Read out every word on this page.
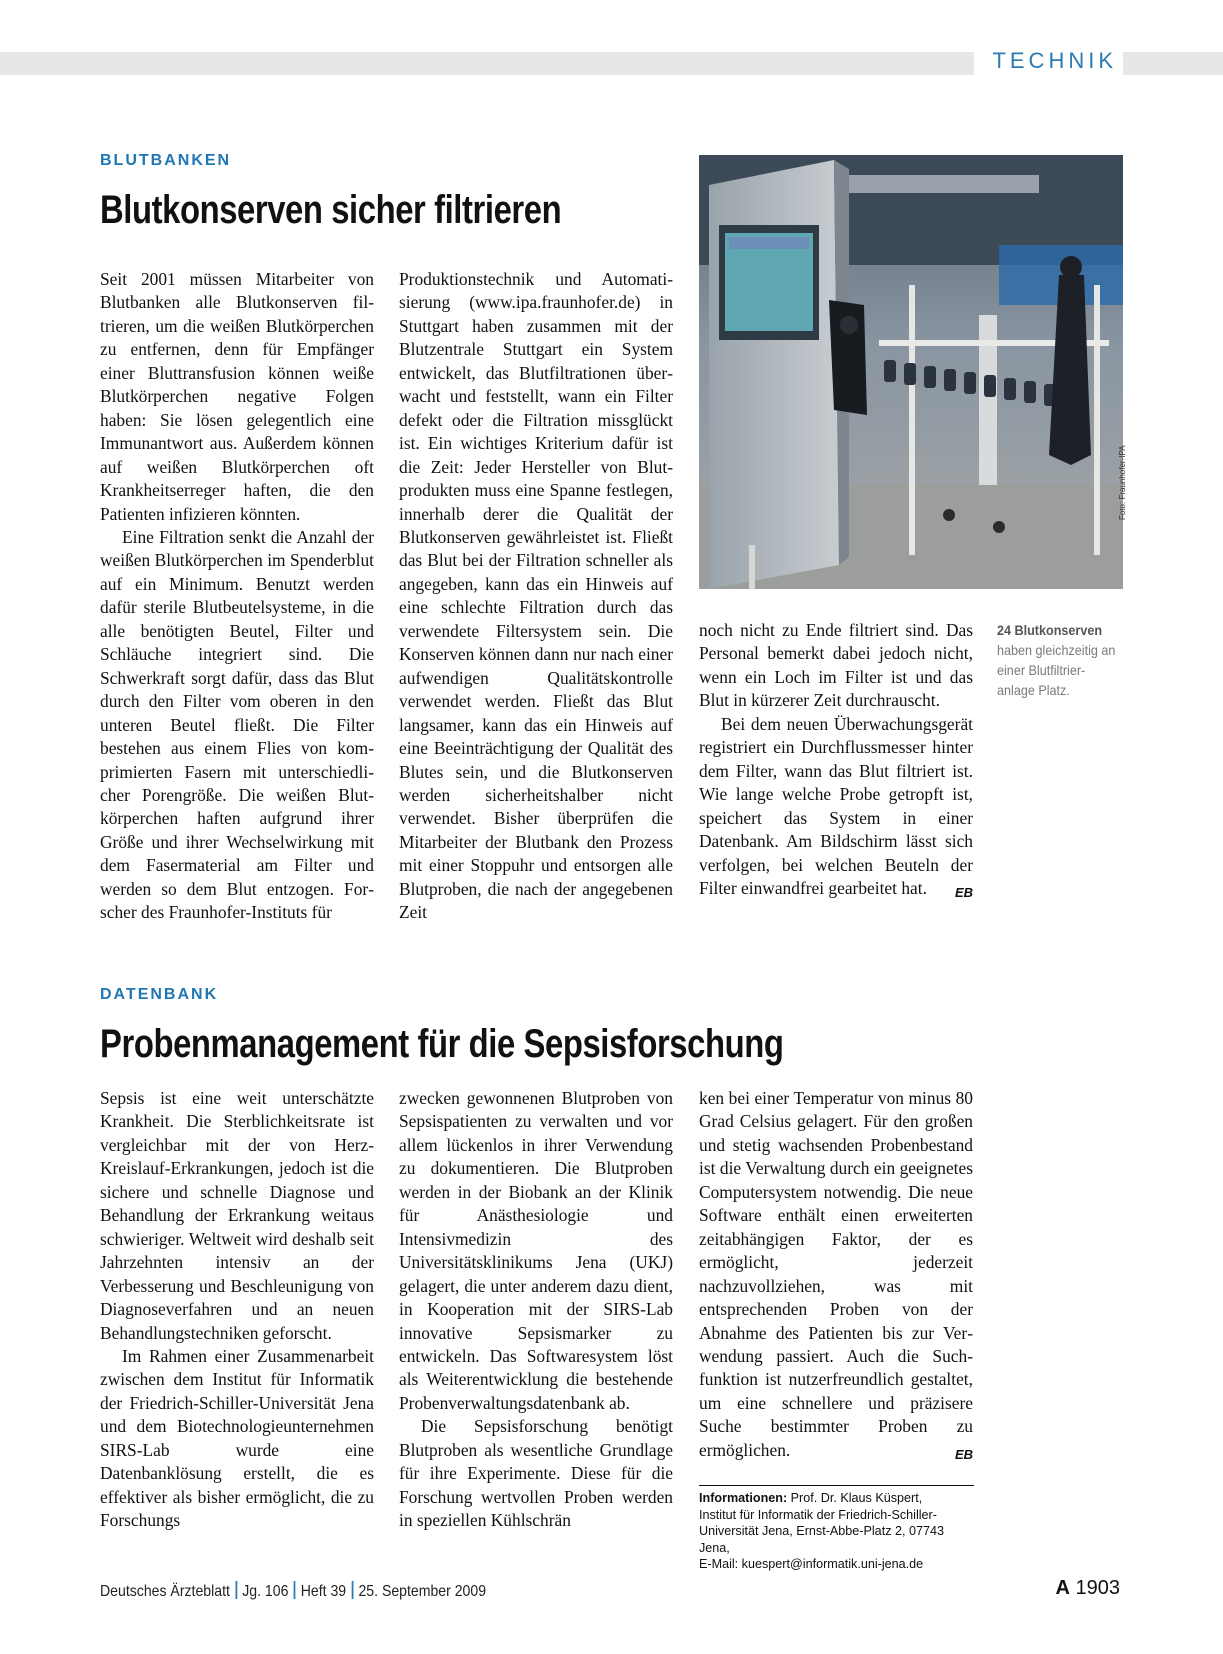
TECHNIK
BLUTBANKEN
Blutkonserven sicher filtrieren

Seit 2001 müssen Mitarbeiter von Blutbanken alle Blutkonserven filtrieren, um die weißen Blutkörperchen zu entfernen, denn für Empfänger einer Bluttransfusion können weiße Blutkörperchen negative Folgen haben: Sie lösen gelegentlich eine Immunantwort aus. Außerdem können auf weißen Blutkörperchen oft Krankheitserreger haften, die den Patienten infizieren könnten.

Eine Filtration senkt die Anzahl der weißen Blutkörperchen im Spenderblut auf ein Minimum. Benutzt werden dafür sterile Blutbeutelsysteme, in die alle benötigten Beutel, Filter und Schläuche integriert sind. Die Schwerkraft sorgt dafür, dass das Blut durch den Filter vom oberen in den unteren Beutel fließt. Die Filter bestehen aus einem Flies von komprimierten Fasern mit unterschiedlicher Porengröße. Die weißen Blutkörperchen haften aufgrund ihrer Größe und ihrer Wechselwirkung mit dem Fasermaterial am Filter und werden so dem Blut entzogen. Forscher des Fraunhofer-Instituts für

Produktionstechnik und Automatisierung (www.ipa.fraunhofer.de) in Stuttgart haben zusammen mit der Blutzentrale Stuttgart ein System entwickelt, das Blutfiltrationen überwacht und feststellt, wann ein Filter defekt oder die Filtration missglückt ist. Ein wichtiges Kriterium dafür ist die Zeit: Jeder Hersteller von Blutprodukten muss eine Spanne festlegen, innerhalb derer die Qualität der Blutkonserven gewährleistet ist. Fließt das Blut bei der Filtration schneller als angegeben, kann das ein Hinweis auf eine schlechte Filtration durch das verwendete Filtersystem sein. Die Konserven können dann nur nach einer aufwendigen Qualitätskontrolle verwendet werden. Fließt das Blut langsamer, kann das ein Hinweis auf eine Beeinträchtigung der Qualität des Blutes sein, und die Blutkonserven werden sicherheitshalber nicht verwendet. Bisher überprüfen die Mitarbeiter der Blutbank den Prozess mit einer Stoppuhr und entsorgen alle Blutproben, die nach der angegebenen Zeit

Foto: Fraunhofer-IPA

noch nicht zu Ende filtriert sind. Das Personal bemerkt dabei jedoch nicht, wenn ein Loch im Filter ist und das Blut in kürzerer Zeit durchrauscht.

Bei dem neuen Überwachungsgerät registriert ein Durchflussmesser hinter dem Filter, wann das Blut filtriert ist. Wie lange welche Probe getropft ist, speichert das System in einer Datenbank. Am Bildschirm lässt sich verfolgen, bei welchen Beuteln der Filter einwandfrei gearbeitet hat.	EB

24 Blutkonserven haben gleichzeitig an einer Blutfiltrieranlage Platz.
DATENBANK
Probenmanagement für die Sepsisforschung

Sepsis ist eine weit unterschätzte Krankheit. Die Sterblichkeitsrate ist vergleichbar mit der von Herz-Kreislauf-Erkrankungen, jedoch ist die sichere und schnelle Diagnose und Behandlung der Erkrankung weitaus schwieriger. Weltweit wird deshalb seit Jahrzehnten intensiv an der Verbesserung und Beschleunigung von Diagnoseverfahren und an neuen Behandlungstechniken geforscht.

Im Rahmen einer Zusammenarbeit zwischen dem Institut für Informatik der Friedrich-Schiller-Universität Jena und dem Biotechnologieunternehmen SIRS-Lab wurde eine Datenbanklösung erstellt, die es effektiver als bisher ermöglicht, die zu Forschungs

zwecken gewonnenen Blutproben von Sepsispatienten zu verwalten und vor allem lückenlos in ihrer Verwendung zu dokumentieren. Die Blutproben werden in der Biobank an der Klinik für Anästhesiologie und Intensivmedizin des Universitätsklinikums Jena (UKJ) gelagert, die unter anderem dazu dient, in Kooperation mit der SIRS-Lab innovative Sepsismarker zu entwickeln. Das Softwaresystem löst als Weiterentwicklung die bestehende Probenverwaltungsdatenbank ab.

Die Sepsisforschung benötigt Blutproben als wesentliche Grundlage für ihre Experimente. Diese für die Forschung wertvollen Proben werden in speziellen Kühlschrän

ken bei einer Temperatur von minus 80 Grad Celsius gelagert. Für den großen und stetig wachsenden Probenbestand ist die Verwaltung durch ein geeignetes Computersystem notwendig. Die neue Software enthält einen erweiterten zeitabhängigen Faktor, der es ermöglicht, jederzeit nachzuvollziehen, was mit entsprechenden Proben von der Abnahme des Patienten bis zur Verwendung passiert. Auch die Suchfunktion ist nutzerfreundlich gestaltet, um eine schnellere und präzisere Suche bestimmter Proben zu ermöglichen.	EB

Informationen: Prof. Dr. Klaus Küspert,
Institut für Informatik der Friedrich-Schiller-
Universität Jena, Ernst-Abbe-Platz 2, 07743 Jena,
E-Mail: kuespert@informatik.uni-jena.de
Deutsches Ärzteblatt Jg. 106 Heft 39 25. September 2009	A 1903
